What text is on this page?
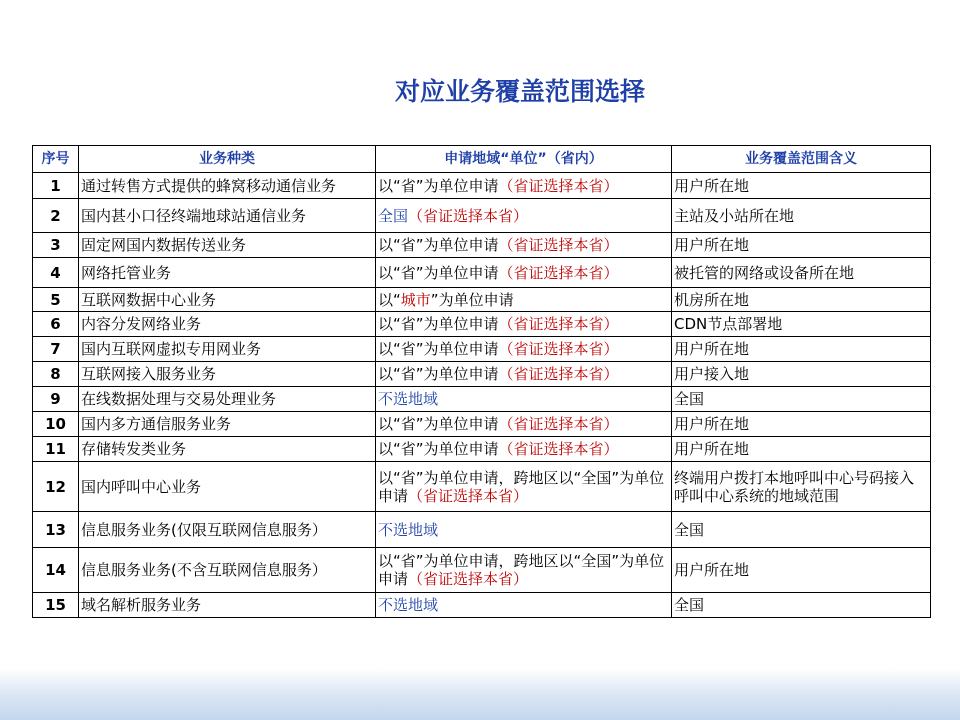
对应业务覆盖范围选择
序号	业务种类	申请地域“单位”（省内）	业务覆盖范围含义
1	通过转售方式提供的蜂窝移动通信业务	以“省”为单位申请（省证选择本省）	用户所在地
2	国内甚小口径终端地球站通信业务	全国（省证选择本省）	主站及小站所在地
3	固定网国内数据传送业务	以“省”为单位申请（省证选择本省）	用户所在地
4	网络托管业务	以“省”为单位申请（省证选择本省）	被托管的网络或设备所在地
5	互联网数据中心业务	以“城市”为单位申请	机房所在地
6	内容分发网络业务	以“省”为单位申请（省证选择本省）	CDN节点部署地
7	国内互联网虚拟专用网业务	以“省”为单位申请（省证选择本省）	用户所在地
8	互联网接入服务业务	以“省”为单位申请（省证选择本省）	用户接入地
9	在线数据处理与交易处理业务	不选地域	全国
10	国内多方通信服务业务	以“省”为单位申请（省证选择本省）	用户所在地
11	存储转发类业务	以“省”为单位申请（省证选择本省）	用户所在地
12	国内呼叫中心业务	以“省”为单位申请，跨地区以“全国”为单位申请（省证选择本省）	终端用户拨打本地呼叫中心号码接入呼叫中心系统的地域范围
13	信息服务业务(仅限互联网信息服务）	不选地域	全国
14	信息服务业务(不含互联网信息服务）	以“省”为单位申请，跨地区以“全国”为单位申请（省证选择本省）	用户所在地
15	域名解析服务业务	不选地域	全国
